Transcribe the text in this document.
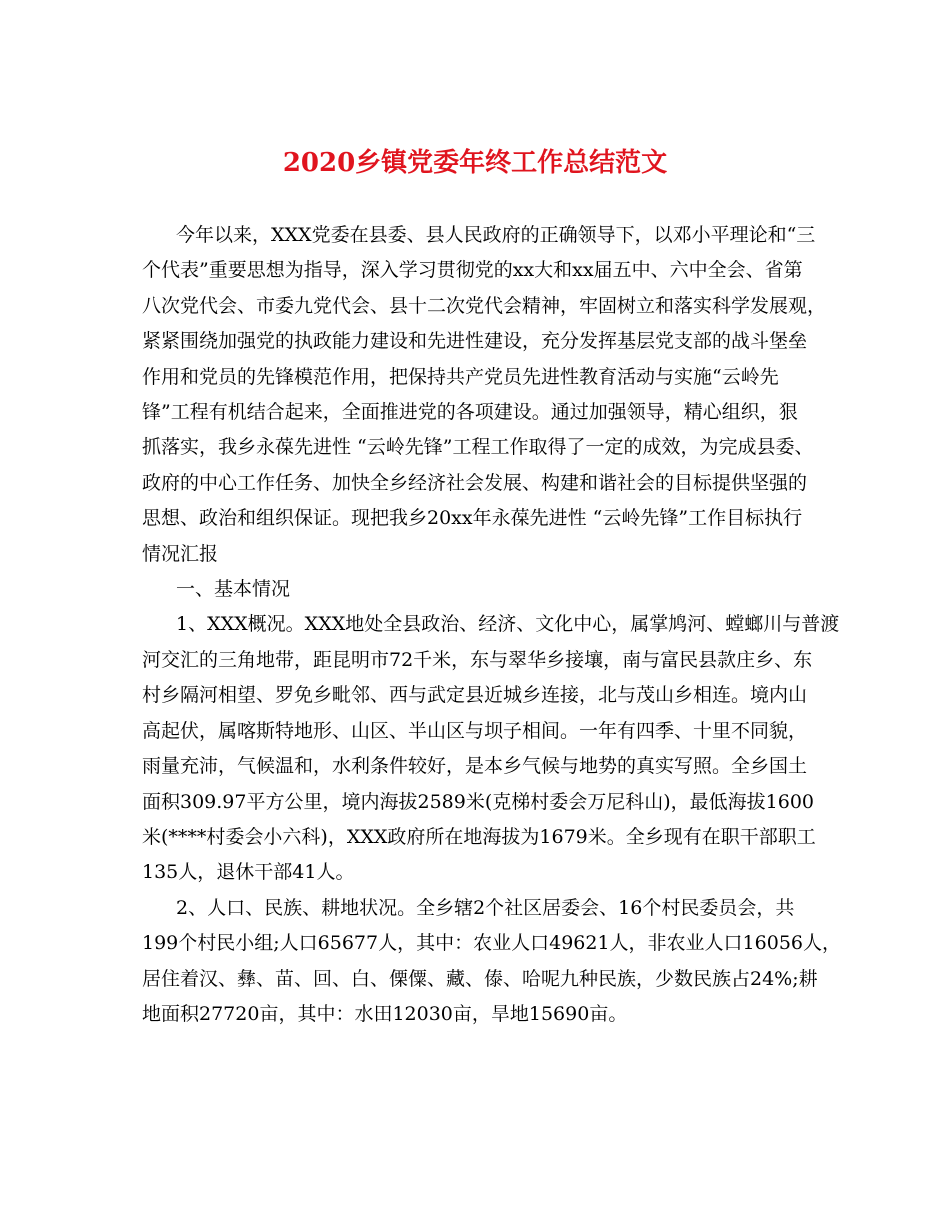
2020乡镇党委年终工作总结范文

今年以来，XXX党委在县委、县人民政府的正确领导下，以邓小平理论和“三
个代表”重要思想为指导，深入学习贯彻党的xx大和xx届五中、六中全会、省第
八次党代会、市委九党代会、县十二次党代会精神，牢固树立和落实科学发展观，
紧紧围绕加强党的执政能力建设和先进性建设，充分发挥基层党支部的战斗堡垒
作用和党员的先锋模范作用，把保持共产党员先进性教育活动与实施“云岭先
锋”工程有机结合起来，全面推进党的各项建设。通过加强领导，精心组织，狠
抓落实，我乡永葆先进性 “云岭先锋”工程工作取得了一定的成效，为完成县委、
政府的中心工作任务、加快全乡经济社会发展、构建和谐社会的目标提供坚强的
思想、政治和组织保证。现把我乡20xx年永葆先进性 “云岭先锋”工作目标执行
情况汇报

一、基本情况

1、XXX概况。XXX地处全县政治、经济、文化中心，属掌鸠河、螳螂川与普渡
河交汇的三角地带，距昆明市72千米，东与翠华乡接壤，南与富民县款庄乡、东
村乡隔河相望、罗免乡毗邻、西与武定县近城乡连接，北与茂山乡相连。境内山
高起伏，属喀斯特地形、山区、半山区与坝子相间。一年有四季、十里不同貌，
雨量充沛，气候温和，水利条件较好，是本乡气候与地势的真实写照。全乡国土
面积309.97平方公里，境内海拔2589米(克梯村委会万尼科山)，最低海拔1600
米(****村委会小六科)，XXX政府所在地海拔为1679米。全乡现有在职干部职工
135人，退休干部41人。

2、人口、民族、耕地状况。全乡辖2个社区居委会、16个村民委员会，共
199个村民小组;人口65677人，其中：农业人口49621人，非农业人口16056人，
居住着汉、彝、苗、回、白、傈僳、藏、傣、哈呢九种民族，少数民族占24%;耕
地面积27720亩，其中：水田12030亩，旱地15690亩。
